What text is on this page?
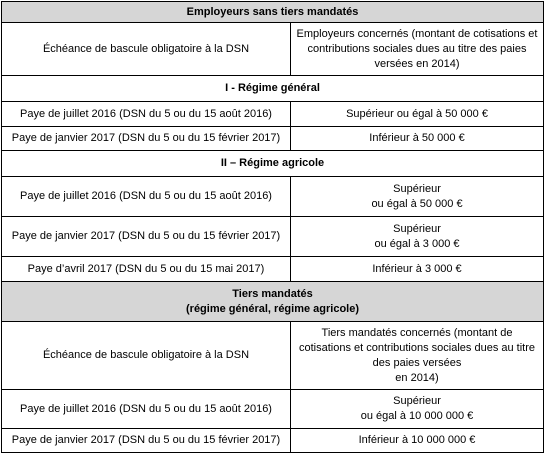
Employeurs sans tiers mandatés	
Échéance de bascule obligatoire à la DSN	Employeurs concernés (montant de cotisations et contributions sociales dues au titre des paies versées en 2014)
I - Régime général	
Paye de juillet 2016 (DSN du 5 ou du 15 août 2016)	Supérieur ou égal à 50 000 €
Paye de janvier 2017 (DSN du 5 ou du 15 février 2017)	Inférieur à 50 000 €
II – Régime agricole	
Paye de juillet 2016 (DSN du 5 ou du 15 août 2016)	Supérieur
ou égal à 50 000 €
Paye de janvier 2017 (DSN du 5 ou du 15 février 2017)	Supérieur
ou égal à 3 000 €
Paye d’avril 2017 (DSN du 5 ou du 15 mai 2017)	Inférieur à 3 000 €
Tiers mandatés
(régime général, régime agricole)	
Échéance de bascule obligatoire à la DSN	Tiers mandatés concernés (montant de cotisations et contributions sociales dues au titre des paies versées
en 2014)
Paye de juillet 2016 (DSN du 5 ou du 15 août 2016)	Supérieur
ou égal à 10 000 000 €
Paye de janvier 2017 (DSN du 5 ou du 15 février 2017)	Inférieur à 10 000 000 €
